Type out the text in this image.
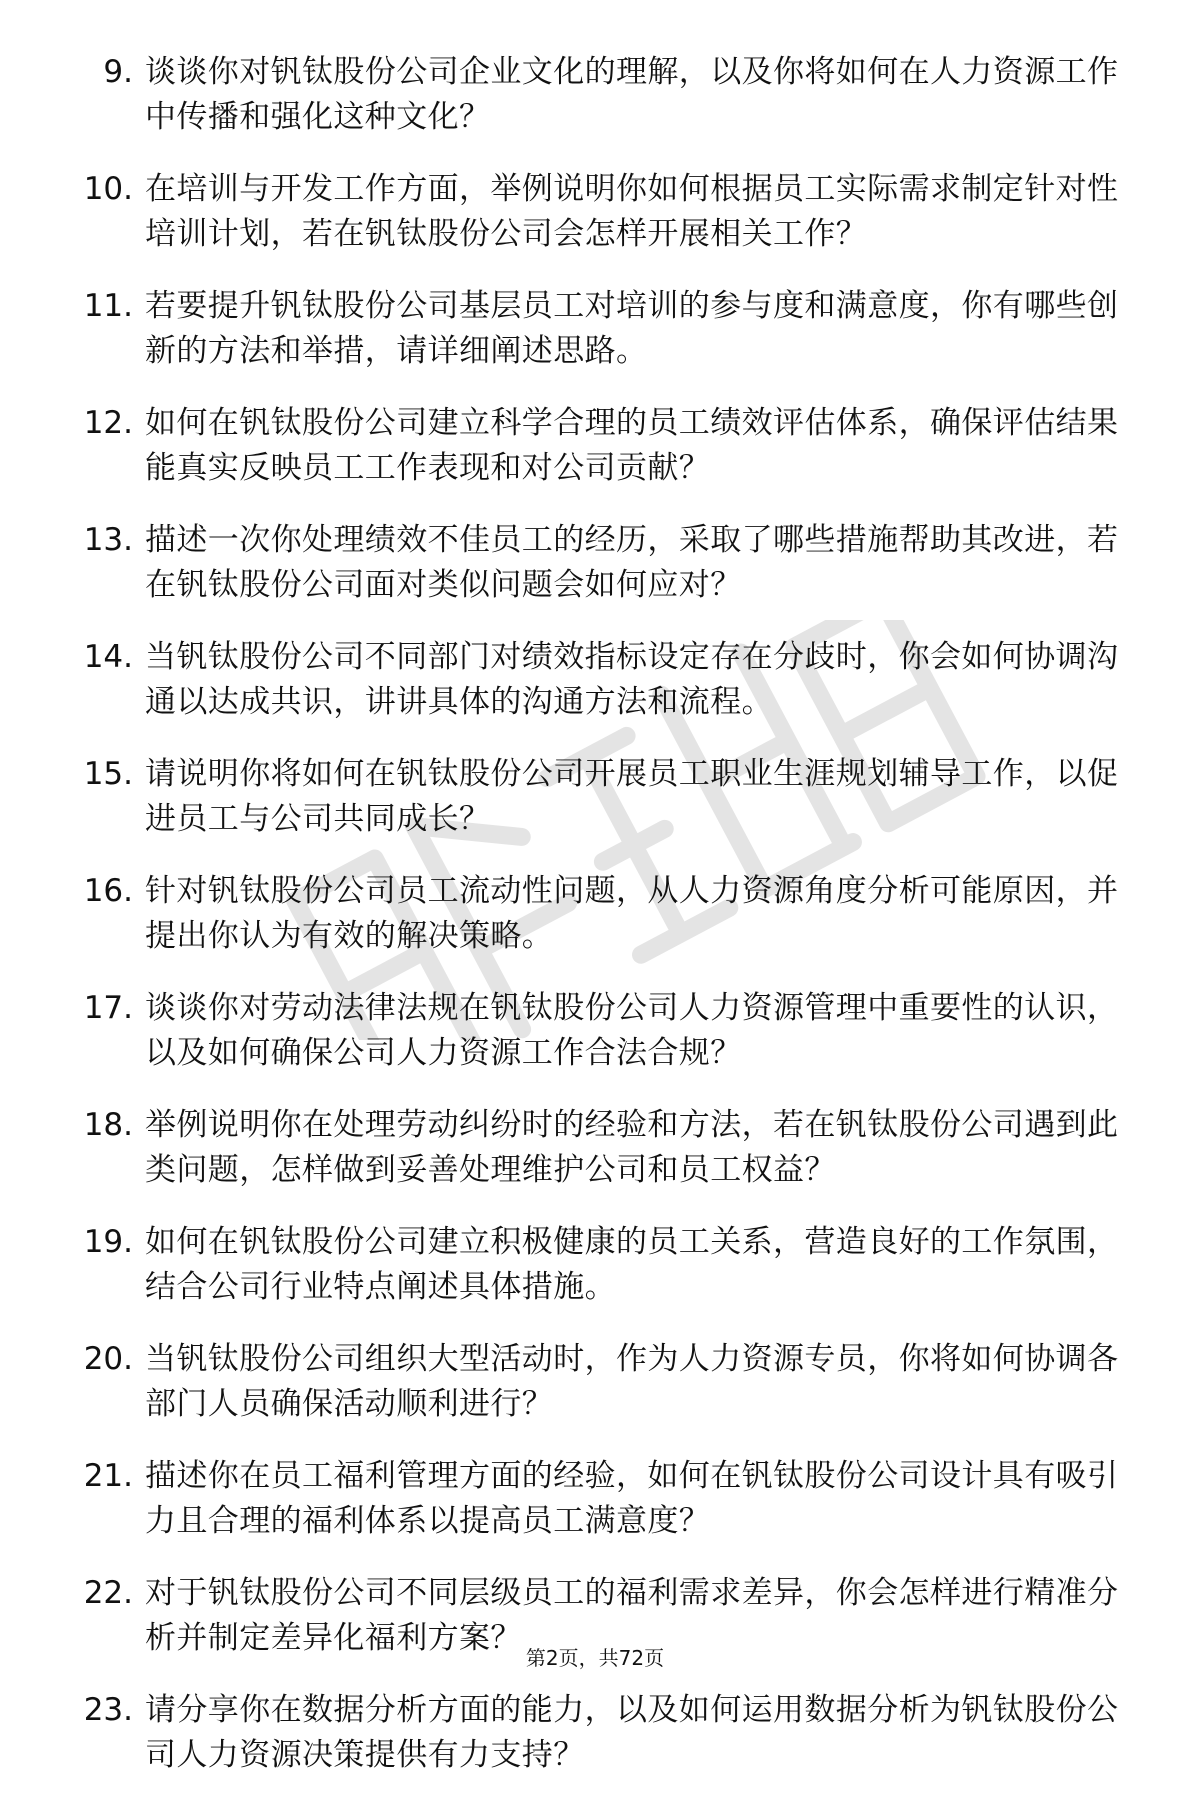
9. 谈谈你对钒钛股份公司企业文化的理解，以及你将如何在人力资源工作中传播和强化这种文化？
10. 在培训与开发工作方面，举例说明你如何根据员工实际需求制定针对性培训计划，若在钒钛股份公司会怎样开展相关工作？
11. 若要提升钒钛股份公司基层员工对培训的参与度和满意度，你有哪些创新的方法和举措，请详细阐述思路。
12. 如何在钒钛股份公司建立科学合理的员工绩效评估体系，确保评估结果能真实反映员工工作表现和对公司贡献？
13. 描述一次你处理绩效不佳员工的经历，采取了哪些措施帮助其改进，若在钒钛股份公司面对类似问题会如何应对？
14. 当钒钛股份公司不同部门对绩效指标设定存在分歧时，你会如何协调沟通以达成共识，讲讲具体的沟通方法和流程。
15. 请说明你将如何在钒钛股份公司开展员工职业生涯规划辅导工作，以促进员工与公司共同成长？
16. 针对钒钛股份公司员工流动性问题，从人力资源角度分析可能原因，并提出你认为有效的解决策略。
17. 谈谈你对劳动法律法规在钒钛股份公司人力资源管理中重要性的认识，以及如何确保公司人力资源工作合法合规？
18. 举例说明你在处理劳动纠纷时的经验和方法，若在钒钛股份公司遇到此类问题，怎样做到妥善处理维护公司和员工权益？
19. 如何在钒钛股份公司建立积极健康的员工关系，营造良好的工作氛围，结合公司行业特点阐述具体措施。
20. 当钒钛股份公司组织大型活动时，作为人力资源专员，你将如何协调各部门人员确保活动顺利进行？
21. 描述你在员工福利管理方面的经验，如何在钒钛股份公司设计具有吸引力且合理的福利体系以提高员工满意度？
22. 对于钒钛股份公司不同层级员工的福利需求差异，你会怎样进行精准分析并制定差异化福利方案？
23. 请分享你在数据分析方面的能力，以及如何运用数据分析为钒钛股份公司人力资源决策提供有力支持？
第2页，共72页
